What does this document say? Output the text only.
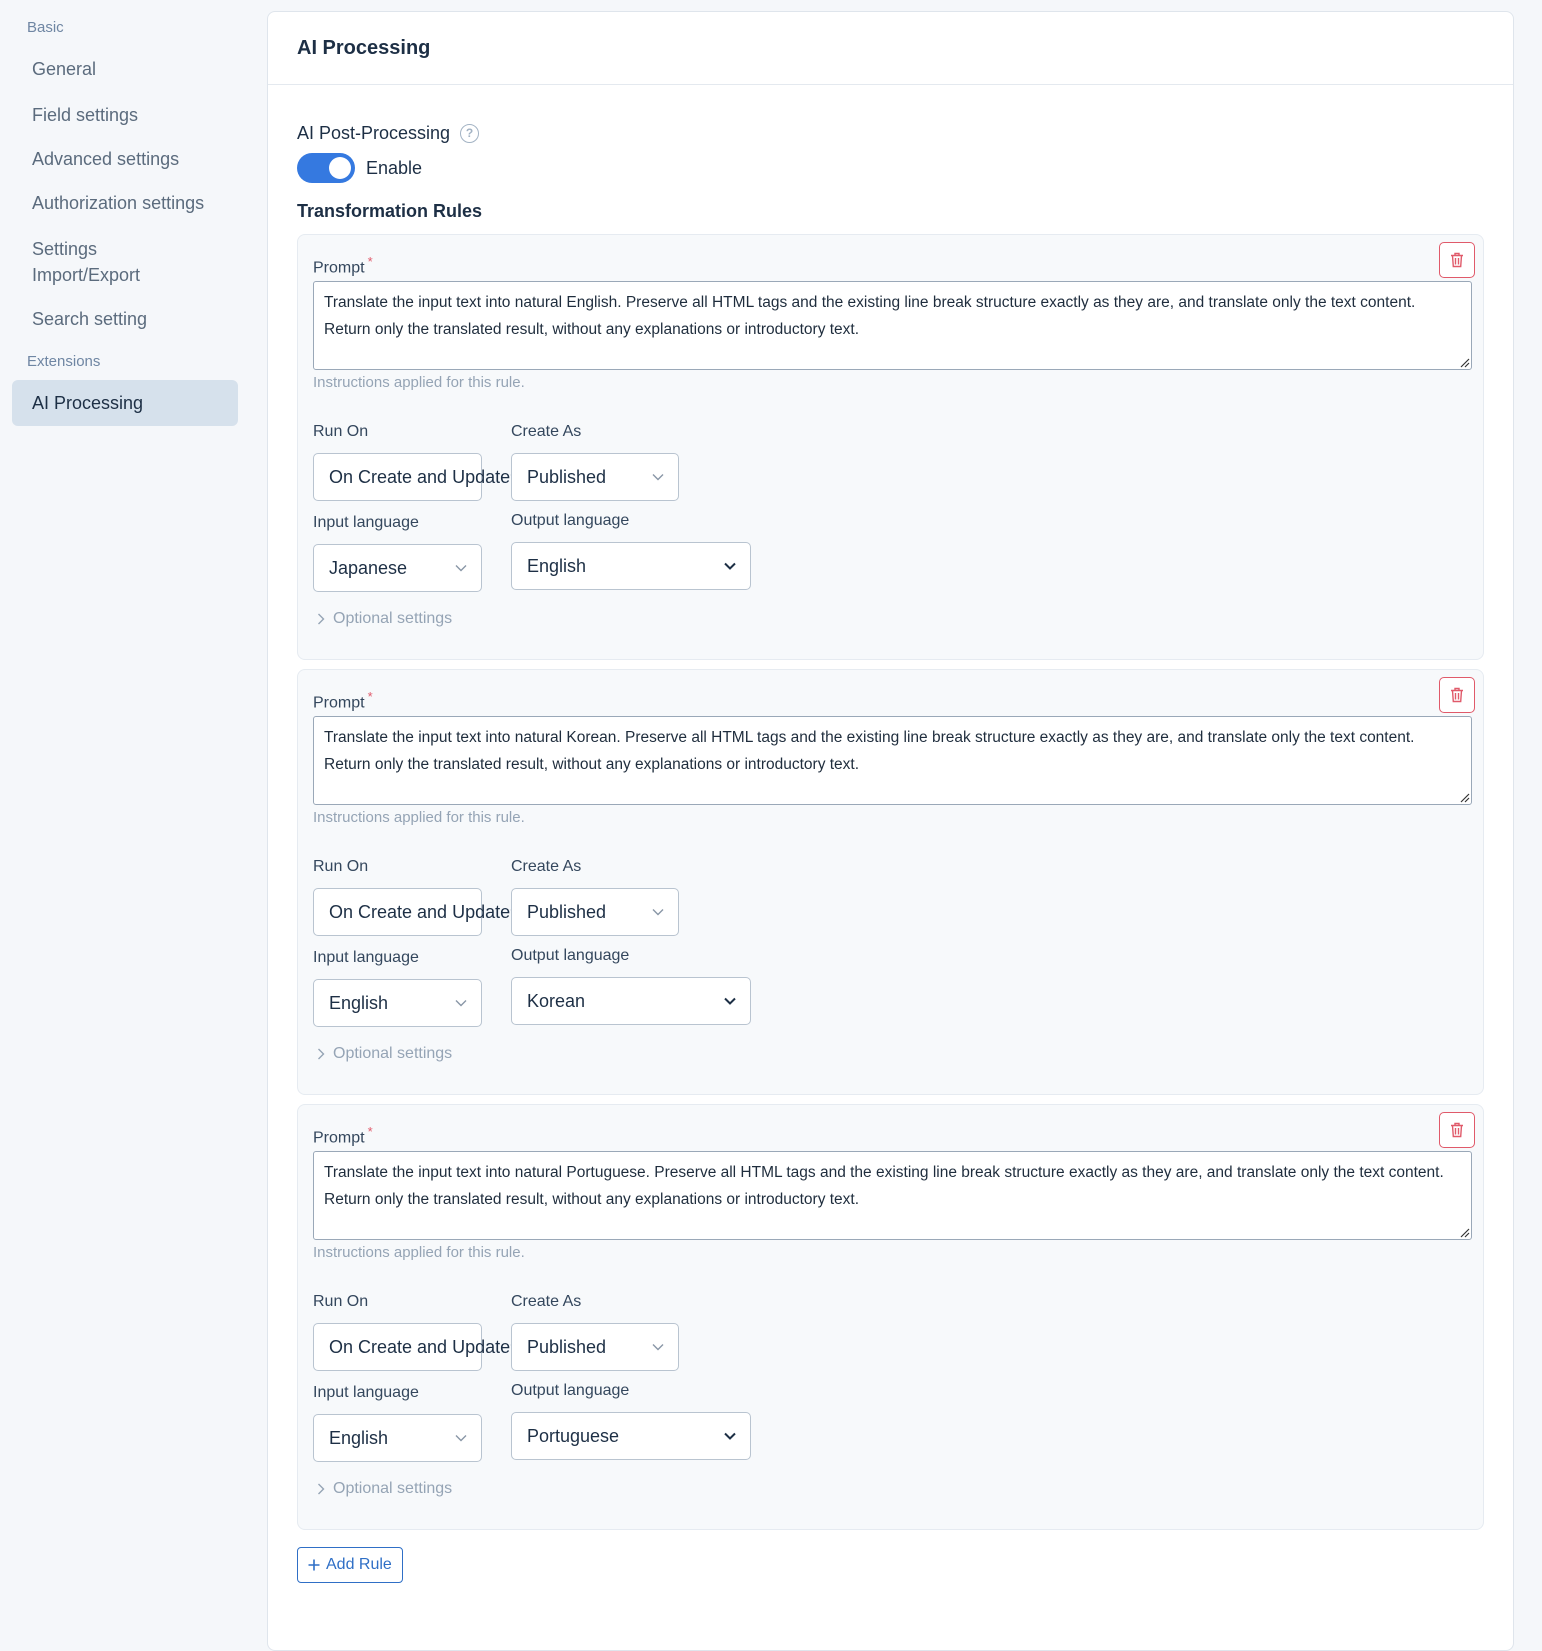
Basic
General
Field settings
Advanced settings
Authorization settings
Settings
Import/Export
Search setting
Extensions
AI Processing
AI Processing
AI Post-Processing	?
Enable
Transformation Rules
Prompt *
Translate the input text into natural English. Preserve all HTML tags and the existing line break structure exactly as they are, and translate only the text content.
Return only the translated result, without any explanations or introductory text.
Instructions applied for this rule.
Run On
On Create and Update
Create As
Published
Input language
Japanese
Output language
English
Optional settings
Prompt *
Translate the input text into natural Korean. Preserve all HTML tags and the existing line break structure exactly as they are, and translate only the text content.
Return only the translated result, without any explanations or introductory text.
Instructions applied for this rule.
Run On
On Create and Update
Create As
Published
Input language
English
Output language
Korean
Optional settings
Prompt *
Translate the input text into natural Portuguese. Preserve all HTML tags and the existing line break structure exactly as they are, and translate only the text content.
Return only the translated result, without any explanations or introductory text.
Instructions applied for this rule.
Run On
On Create and Update
Create As
Published
Input language
English
Output language
Portuguese
Optional settings
Add Rule
